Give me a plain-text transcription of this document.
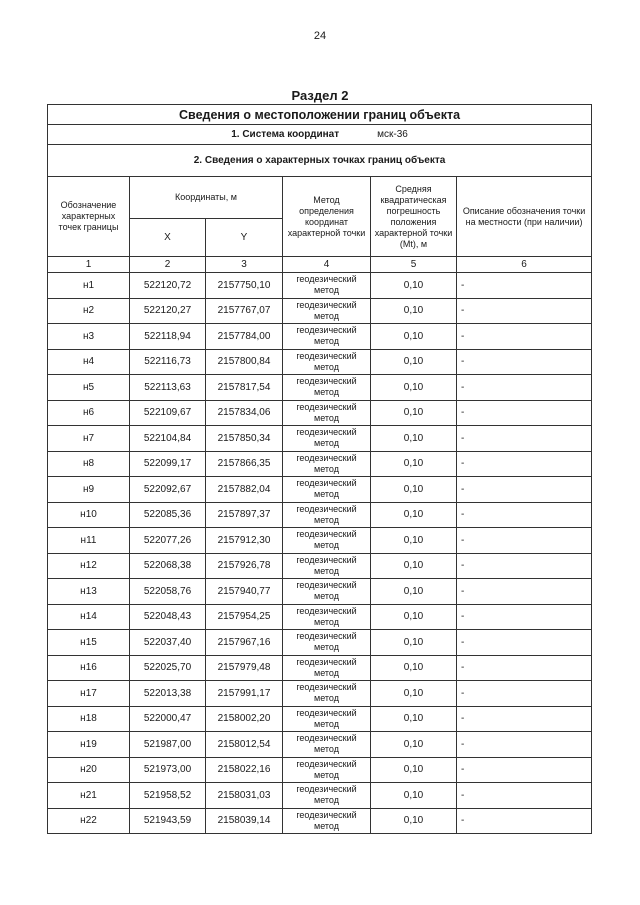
24
Раздел 2
Сведения о местоположении границ объекта					
1. Система координат мск-36					
2. Сведения о характерных точках границ объекта					
Обозначение характерных точек границы	Координаты, м		Метод определения координат характерной точки	Средняя квадратическая погрешность положения характерной точки (Mt), м	Описание обозначения точки на местности (при наличии)
	X	Y			
1	2	3	4	5	6
н1	522120,72	2157750,10	геодезический метод	0,10	-
н2	522120,27	2157767,07	геодезический метод	0,10	-
н3	522118,94	2157784,00	геодезический метод	0,10	-
н4	522116,73	2157800,84	геодезический метод	0,10	-
н5	522113,63	2157817,54	геодезический метод	0,10	-
н6	522109,67	2157834,06	геодезический метод	0,10	-
н7	522104,84	2157850,34	геодезический метод	0,10	-
н8	522099,17	2157866,35	геодезический метод	0,10	-
н9	522092,67	2157882,04	геодезический метод	0,10	-
н10	522085,36	2157897,37	геодезический метод	0,10	-
н11	522077,26	2157912,30	геодезический метод	0,10	-
н12	522068,38	2157926,78	геодезический метод	0,10	-
н13	522058,76	2157940,77	геодезический метод	0,10	-
н14	522048,43	2157954,25	геодезический метод	0,10	-
н15	522037,40	2157967,16	геодезический метод	0,10	-
н16	522025,70	2157979,48	геодезический метод	0,10	-
н17	522013,38	2157991,17	геодезический метод	0,10	-
н18	522000,47	2158002,20	геодезический метод	0,10	-
н19	521987,00	2158012,54	геодезический метод	0,10	-
н20	521973,00	2158022,16	геодезический метод	0,10	-
н21	521958,52	2158031,03	геодезический метод	0,10	-
н22	521943,59	2158039,14	геодезический метод	0,10	-
